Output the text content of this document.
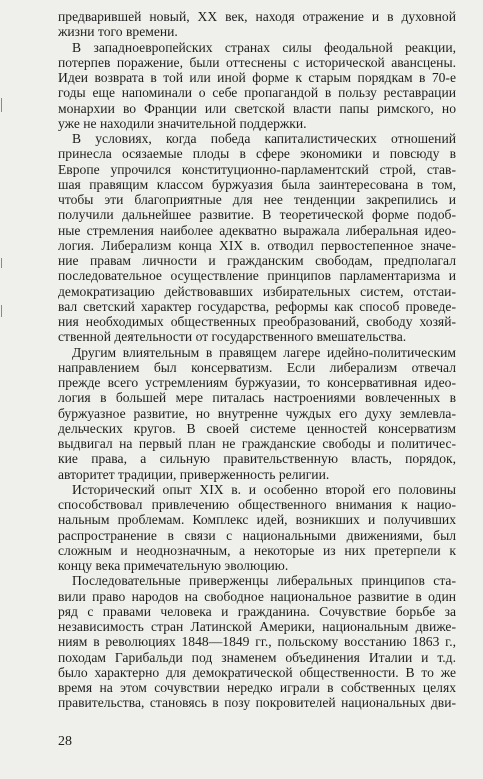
предварившей новый, XX век, находя отражение и в духовной
жизни того времени.
В западноевропейских странах силы феодальной реакции,
потерпев поражение, были оттеснены с исторической авансцены.
Идеи возврата в той или иной форме к старым порядкам в 70-е
годы еще напоминали о себе пропагандой в пользу реставрации
монархии во Франции или светской власти папы римского, но
уже не находили значительной поддержки.
В условиях, когда победа капиталистических отношений
принесла осязаемые плоды в сфере экономики и повсюду в
Европе упрочился конституционно-парламентский строй, став-
шая правящим классом буржуазия была заинтересована в том,
чтобы эти благоприятные для нее тенденции закрепились и
получили дальнейшее развитие. В теоретической форме подоб-
ные стремления наиболее адекватно выражала либеральная идео-
логия. Либерализм конца XIX в. отводил первостепенное значе-
ние правам личности и гражданским свободам, предполагал
последовательное осуществление принципов парламентаризма и
демократизацию действовавших избирательных систем, отстаи-
вал светский характер государства, реформы как способ проведе-
ния необходимых общественных преобразований, свободу хозяй-
ственной деятельности от государственного вмешательства.
Другим влиятельным в правящем лагере идейно-политическим
направлением был консерватизм. Если либерализм отвечал
прежде всего устремлениям буржуазии, то консервативная идео-
логия в большей мере питалась настроениями вовлеченных в
буржуазное развитие, но внутренне чуждых его духу землевла-
дельческих кругов. В своей системе ценностей консерватизм
выдвигал на первый план не гражданские свободы и политичес-
кие права, а сильную правительственную власть, порядок,
авторитет традиции, приверженность религии.
Исторический опыт XIX в. и особенно второй его половины
способствовал привлечению общественного внимания к нацио-
нальным проблемам. Комплекс идей, возникших и получивших
распространение в связи с национальными движениями, был
сложным и неоднозначным, а некоторые из них претерпели к
концу века примечательную эволюцию.
Последовательные приверженцы либеральных принципов ста-
вили право народов на свободное национальное развитие в один
ряд с правами человека и гражданина. Сочувствие борьбе за
независимость стран Латинской Америки, национальным движе-
ниям в революциях 1848—1849 гг., польскому восстанию 1863 г.,
походам Гарибальди под знаменем объединения Италии и т.д.
было характерно для демократической общественности. В то же
время на этом сочувствии нередко играли в собственных целях
правительства, становясь в позу покровителей национальных дви-
28
